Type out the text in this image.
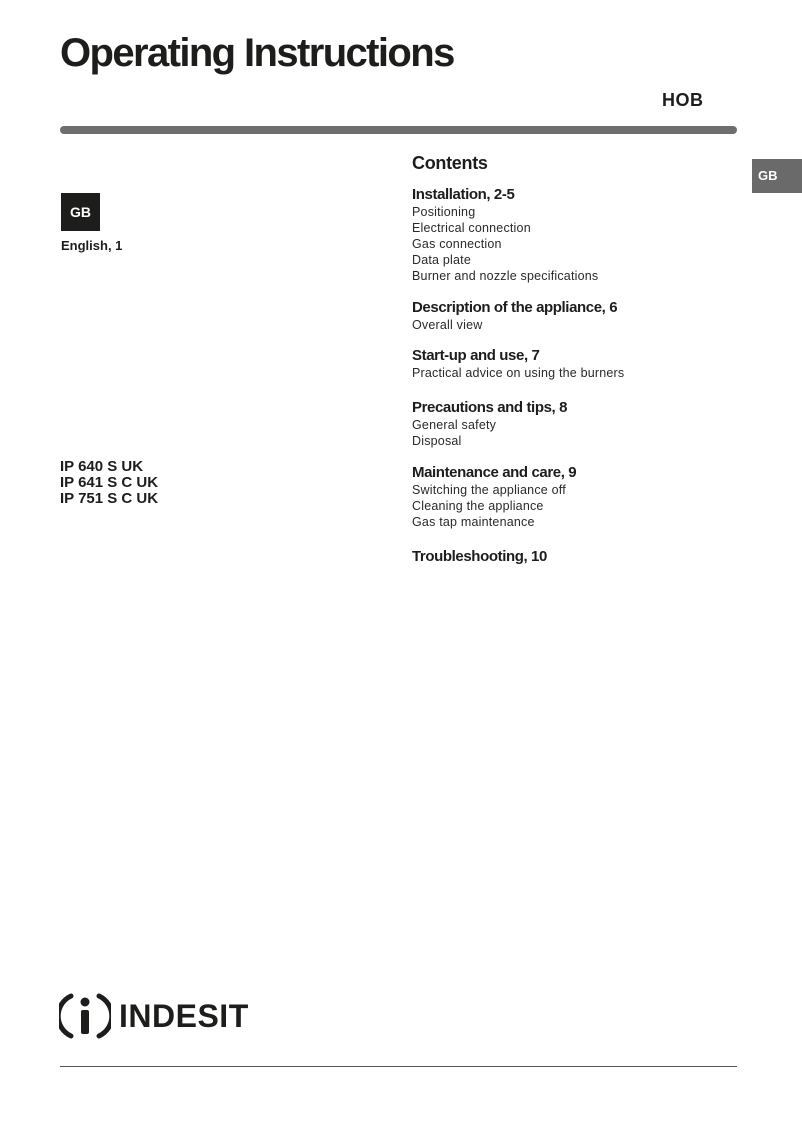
Operating Instructions
HOB
GB
GB
English, 1
IP 640 S UK
IP 641 S C UK
IP 751 S C UK
Contents
Installation, 2-5
Positioning
Electrical connection
Gas connection
Data plate
Burner and nozzle specifications
Description of the appliance, 6
Overall view
Start-up and use, 7
Practical advice on using the burners
Precautions and tips, 8
General safety
Disposal
Maintenance and care, 9
Switching the appliance off
Cleaning the appliance
Gas tap maintenance
Troubleshooting, 10
INDESIT
